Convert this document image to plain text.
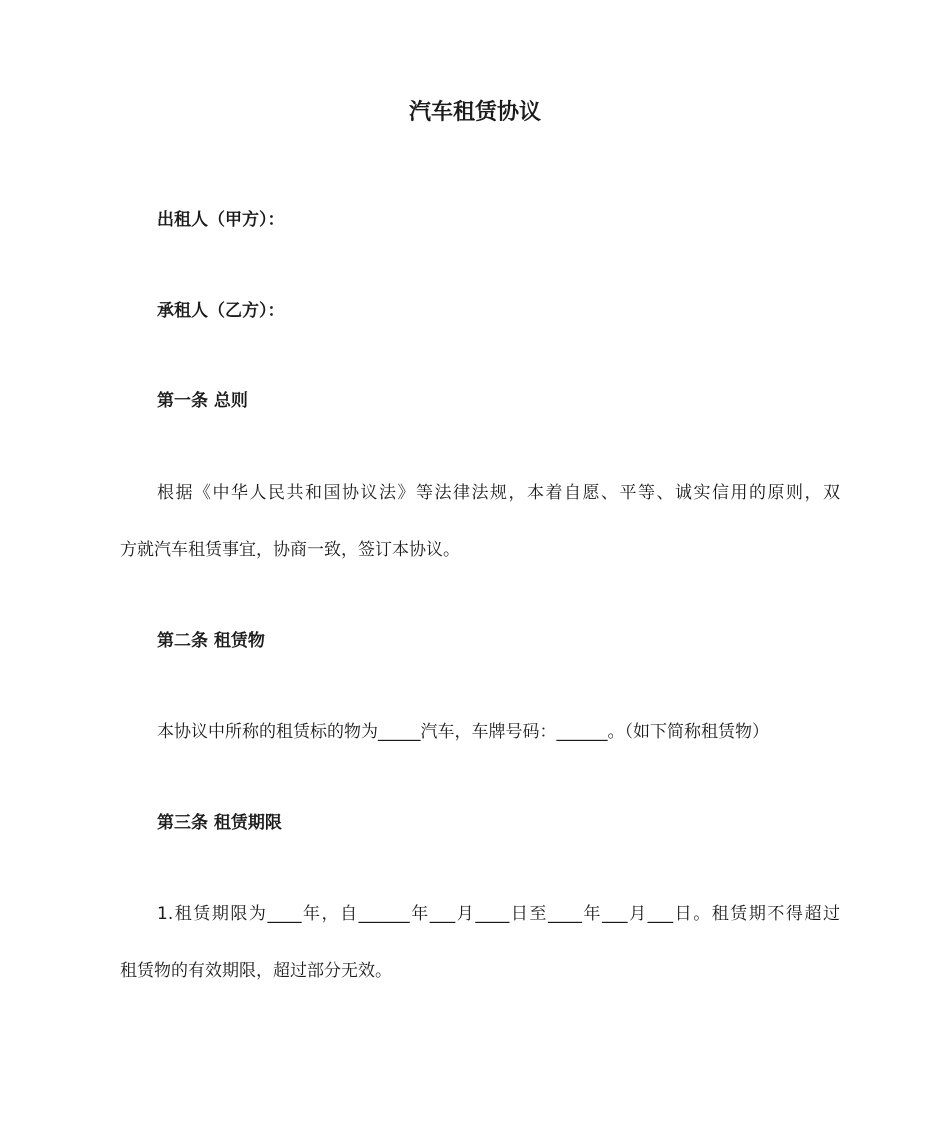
汽车租赁协议
出租人（甲方）：
承租人（乙方）：
第一条 总则
根据《中华人民共和国协议法》等法律法规，本着自愿、平等、诚实信用的原则，双
方就汽车租赁事宜，协商一致，签订本协议。
第二条 租赁物
本协议中所称的租赁标的物为_____汽车，车牌号码：______。（如下简称租赁物）
第三条 租赁期限
1.租赁期限为____年，自______年___月____日至____年___月___日。租赁期不得超过
租赁物的有效期限，超过部分无效。
